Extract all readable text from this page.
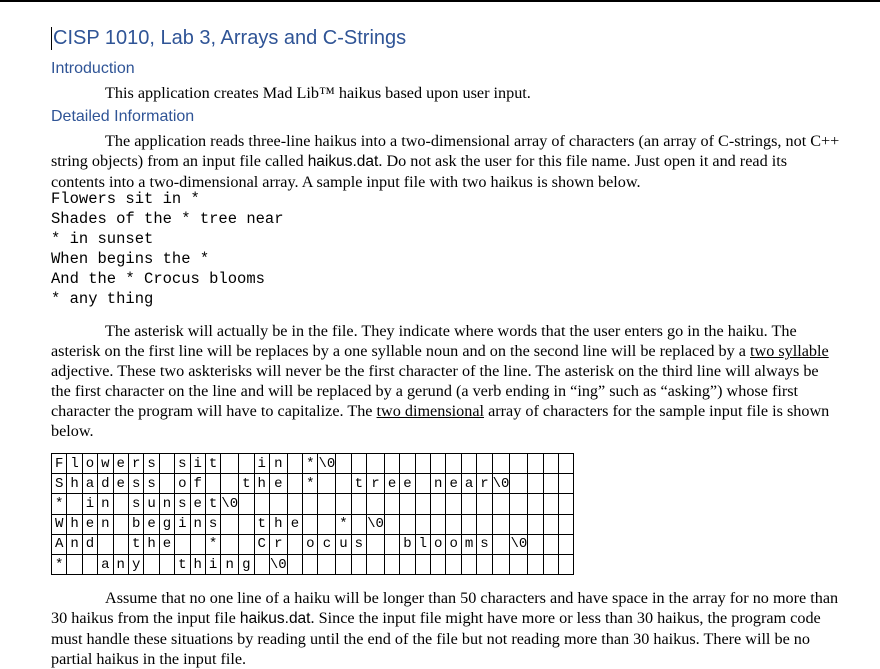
CISP 1010, Lab 3, Arrays and C-Strings
Introduction

This application creates Mad Lib™ haikus based upon user input.

Detailed Information

The application reads three-line haikus into a two-dimensional array of characters (an array of C-strings, not C++ string objects) from an input file called haikus.dat. Do not ask the user for this file name. Just open it and read its contents into a two-dimensional array. A sample input file with two haikus is shown below.

Flowers sit in *
Shades of the * tree near
* in sunset
When begins the *
And the * Crocus blooms
* any thing

The asterisk will actually be in the file. They indicate where words that the user enters go in the haiku. The asterisk on the first line will be replaces by a one syllable noun and on the second line will be replaced by a two syllable adjective. These two askterisks will never be the first character of the line. The asterisk on the third line will always be the first character on the line and will be replaced by a gerund (a verb ending in “ing” such as “asking”) whose first character the program will have to capitalize. The two dimensional array of characters for the sample input file is shown below.

F	l	o	w	e	r	s		s	i	t			i	n		*	\0															
S	h	a	d	e	s	s		o	f			t	h	e		*			t	r	e	e		n	e	a	r	\0				
*		i	n		s	u	n	s	e	t	\0																					
W	h	e	n		b	e	g	i	n	s			t	h	e			*		\0												
A	n	d			t	h	e			*			C	r		o	c	u	s			b	l	o	o	m	s		\0			
*			a	n	y			t	h	i	n	g		\0																		

Assume that no one line of a haiku will be longer than 50 characters and have space in the array for no more than 30 haikus from the input file haikus.dat. Since the input file might have more or less than 30 haikus, the program code must handle these situations by reading until the end of the file but not reading more than 30 haikus. There will be no partial haikus in the input file.
